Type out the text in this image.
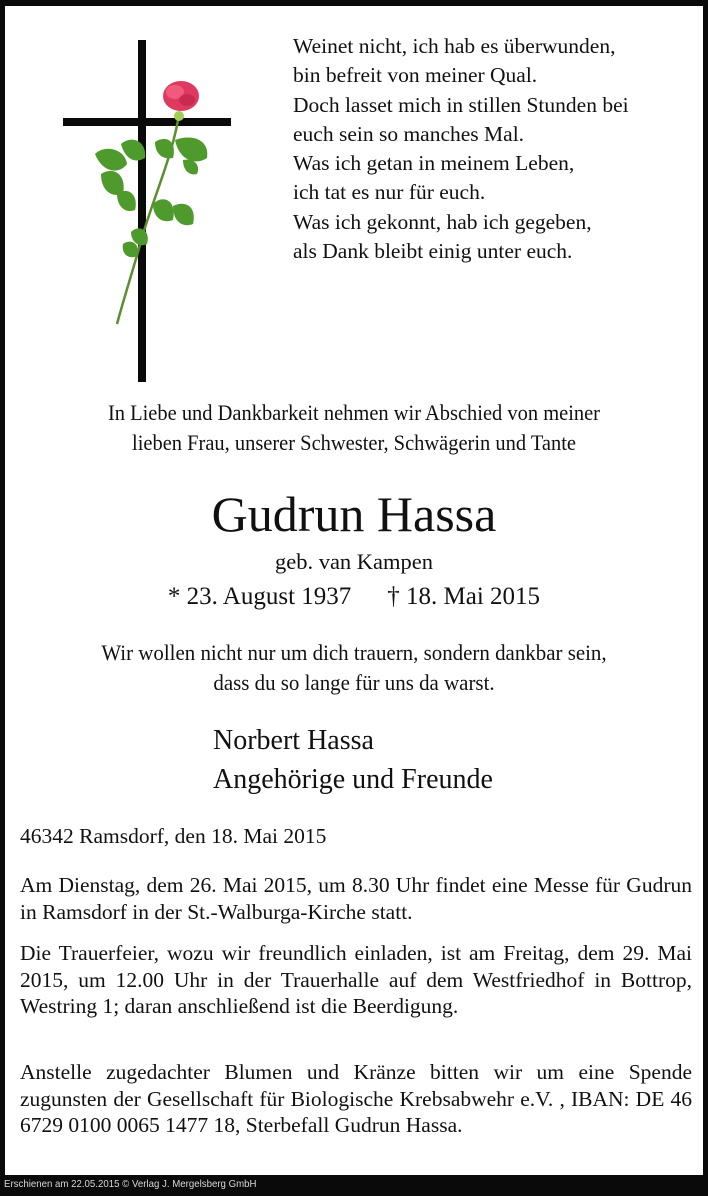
Weinet nicht, ich hab es überwunden,
bin befreit von meiner Qual.
Doch lasset mich in stillen Stunden bei
euch sein so manches Mal.
Was ich getan in meinem Leben,
ich tat es nur für euch.
Was ich gekonnt, hab ich gegeben,
als Dank bleibt einig unter euch.
In Liebe und Dankbarkeit nehmen wir Abschied von meiner
lieben Frau, unserer Schwester, Schwägerin und Tante
Gudrun Hassa
geb. van Kampen
* 23. August 1937 † 18. Mai 2015
Wir wollen nicht nur um dich trauern, sondern dankbar sein,
dass du so lange für uns da warst.
Norbert Hassa
Angehörige und Freunde
46342 Ramsdorf, den 18. Mai 2015
Am Dienstag, dem 26. Mai 2015, um 8.30 Uhr findet eine Messe für Gudrun in Ramsdorf in der St.-Walburga-Kirche statt.
Die Trauerfeier, wozu wir freundlich einladen, ist am Freitag, dem 29. Mai 2015, um 12.00 Uhr in der Trauerhalle auf dem Westfriedhof in Bottrop, Westring 1; daran anschließend ist die Beerdigung.
Anstelle zugedachter Blumen und Kränze bitten wir um eine Spende zugunsten der Gesellschaft für Biologische Krebsabwehr e.V. , IBAN: DE 46 6729 0100 0065 1477 18, Sterbefall Gudrun Hassa.
Erschienen am 22.05.2015 © Verlag J. Mergelsberg GmbH
